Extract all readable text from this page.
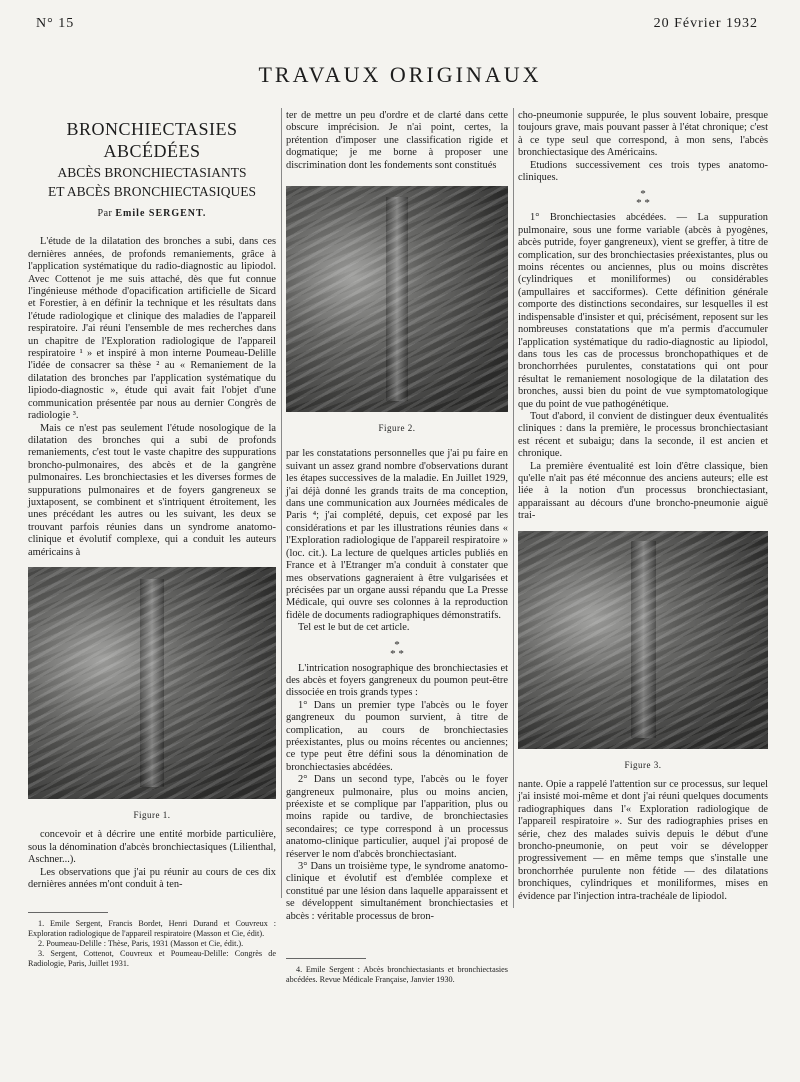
N° 15	20 Février 1932
TRAVAUX ORIGINAUX
BRONCHIECTASIES ABCÉDÉES
ABCÈS BRONCHIECTASIANTS
ET ABCÈS BRONCHIECTASIQUES
Par Emile SERGENT.

L'étude de la dilatation des bronches a subi, dans ces dernières années, de profonds remaniements, grâce à l'application systématique du radio-diagnostic au lipiodol. Avec Cottenot je me suis attaché, dès que fut connue l'ingénieuse méthode d'opacification artificielle de Sicard et Forestier, à en définir la technique et les résultats dans l'étude radiologique et clinique des maladies de l'appareil respiratoire. J'ai réuni l'ensemble de mes recherches dans un chapitre de l'Exploration radiologique de l'appareil respiratoire ¹ » et inspiré à mon interne Poumeau-Delille l'idée de consacrer sa thèse ² au « Remaniement de la dilatation des bronches par l'application systématique du lipiodo-diagnostic », étude qui avait fait l'objet d'une communication présentée par nous au dernier Congrès de radiologie ³.

Mais ce n'est pas seulement l'étude nosologique de la dilatation des bronches qui a subi de profonds remaniements, c'est tout le vaste chapitre des suppurations broncho-pulmonaires, des abcès et de la gangrène pulmonaires. Les bronchiectasies et les diverses formes de suppurations pulmonaires et de foyers gangreneux se juxtaposent, se combinent et s'intriquent étroitement, les unes précédant les autres ou les suivant, les deux se trouvant parfois réunies dans un syndrome anatomo-clinique et évolutif complexe, qui a conduit les auteurs américains à

Figure 1.

concevoir et à décrire une entité morbide particulière, sous la dénomination d'abcès bronchiectasiques (Lilienthal, Aschner...).

Les observations que j'ai pu réunir au cours de ces dix dernières années m'ont conduit à ten-

1. Emile Sergent, Francis Bordet, Henri Durand et Couvreux : Exploration radiologique de l'appareil respiratoire (Masson et Cie, édit).
2. Poumeau-Delille : Thèse, Paris, 1931 (Masson et Cie, édit.).
3. Sergent, Cottenot, Couvreux et Poumeau-Delille: Congrès de Radiologie, Paris, Juillet 1931.

ter de mettre un peu d'ordre et de clarté dans cette obscure imprécision. Je n'ai point, certes, la prétention d'imposer une classification rigide et dogmatique; je me borne à proposer une discrimination dont les fondements sont constitués

Figure 2.

par les constatations personnelles que j'ai pu faire en suivant un assez grand nombre d'observations durant les étapes successives de la maladie. En Juillet 1929, j'ai déjà donné les grands traits de ma conception, dans une communication aux Journées médicales de Paris ⁴; j'ai complété, depuis, cet exposé par les considérations et par les illustrations réunies dans « l'Exploration radiologique de l'appareil respiratoire » (loc. cit.). La lecture de quelques articles publiés en France et à l'Etranger m'a conduit à constater que mes observations gagneraient à être vulgarisées et précisées par un organe aussi répandu que La Presse Médicale, qui ouvre ses colonnes à la reproduction fidèle de documents radiographiques démonstratifs.

Tel est le but de cet article.

*
* *

L'intrication nosographique des bronchiectasies et des abcès et foyers gangreneux du poumon peut-être dissociée en trois grands types :

1° Dans un premier type l'abcès ou le foyer gangreneux du poumon survient, à titre de complication, au cours de bronchiectasies préexistantes, plus ou moins récentes ou anciennes; ce type peut être défini sous la dénomination de bronchiectasies abcédées.

2° Dans un second type, l'abcès ou le foyer gangreneux pulmonaire, plus ou moins ancien, préexiste et se complique par l'apparition, plus ou moins rapide ou tardive, de bronchiectasies secondaires; ce type correspond à un processus anatomo-clinique particulier, auquel j'ai proposé de réserver le nom d'abcès bronchiectasiant.

3° Dans un troisième type, le syndrome anatomo-clinique et évolutif est d'emblée complexe et constitué par une lésion dans laquelle apparaissent et se développent simultanément bronchiectasies et abcès : véritable processus de bron-

4. Emile Sergent : Abcès bronchiectasiants et bronchiectasies abcédées. Revue Médicale Française, Janvier 1930.

cho-pneumonie suppurée, le plus souvent lobaire, presque toujours grave, mais pouvant passer à l'état chronique; c'est à ce type seul que correspond, à mon sens, l'abcès bronchiectasique des Américains.

Etudions successivement ces trois types anatomo-cliniques.

*
* *

1° Bronchiectasies abcédées. — La suppuration pulmonaire, sous une forme variable (abcès à pyogènes, abcès putride, foyer gangreneux), vient se greffer, à titre de complication, sur des bronchiectasies préexistantes, plus ou moins récentes ou anciennes, plus ou moins discrètes (cylindriques et moniliformes) ou considérables (ampullaires et sacciformes). Cette définition générale comporte des distinctions secondaires, sur lesquelles il est indispensable d'insister et qui, précisément, reposent sur les nombreuses constatations que m'a permis d'accumuler l'application systématique du radio-diagnostic au lipiodol, dans tous les cas de processus bronchopathiques et de bronchorrhées purulentes, constatations qui ont pour résultat le remaniement nosologique de la dilatation des bronches, aussi bien du point de vue symptomatologique que du point de vue pathogénétique.

Tout d'abord, il convient de distinguer deux éventualités cliniques : dans la première, le processus bronchiectasiant est récent et subaigu; dans la seconde, il est ancien et chronique.

La première éventualité est loin d'être classique, bien qu'elle n'ait pas été méconnue des anciens auteurs; elle est liée à la notion d'un processus bronchiectasiant, apparaissant au décours d'une broncho-pneumonie aiguë trai-

Figure 3.

nante. Opie a rappelé l'attention sur ce processus, sur lequel j'ai insisté moi-même et dont j'ai réuni quelques documents radiographiques dans l'« Exploration radiologique de l'appareil respiratoire ». Sur des radiographies prises en série, chez des malades suivis depuis le début d'une broncho-pneumonie, on peut voir se développer progressivement — en même temps que s'installe une bronchorrhée purulente non fétide — des dilatations bronchiques, cylindriques et moniliformes, mises en évidence par l'injection intra-trachéale de lipiodol.
